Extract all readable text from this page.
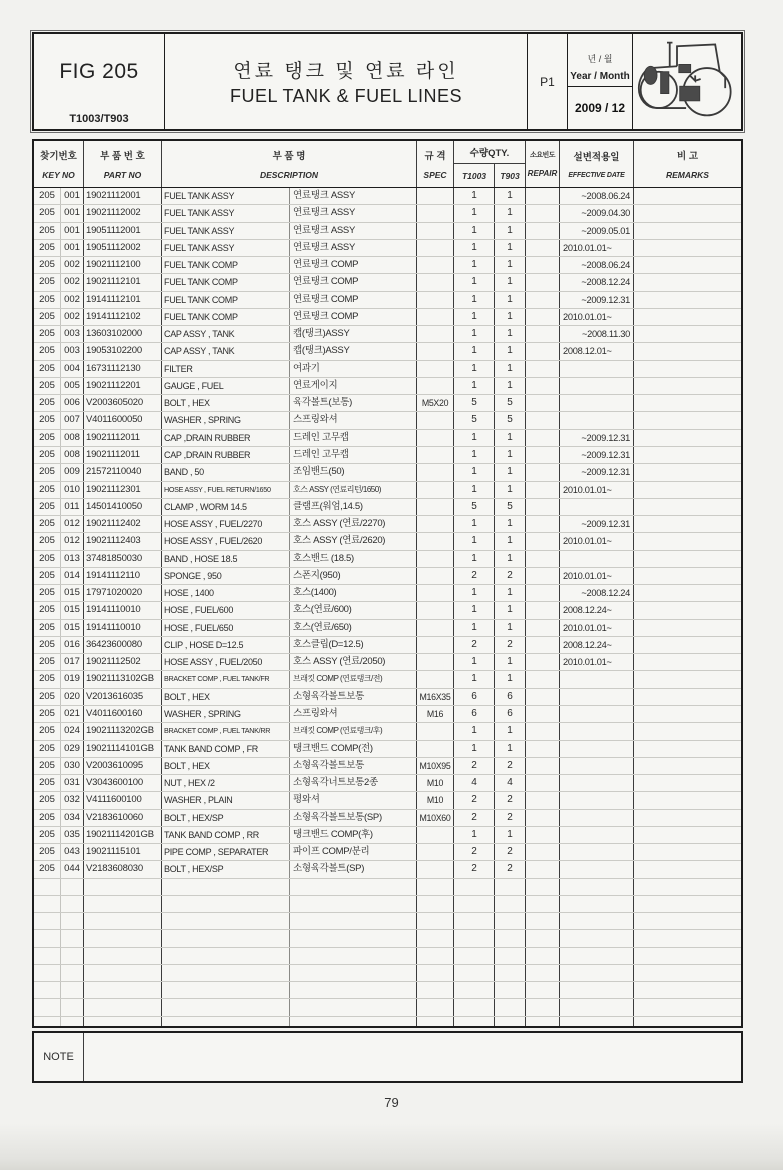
FIG 205
T1003/T903
연료 탱크 및 연료 라인
FUEL TANK & FUEL LINES
P1
년 / 월
Year / Month
2009 / 12
찾기번호
KEY NO
부 품 번 호
PART NO
부 품 명
DESCRIPTION
규 격
SPEC
수량QTY.
T1003	T903
소요빈도
REPAIR
설변적용일
EFFECTIVE DATE
비 고
REMARKS
205 001 19021112001	FUEL TANK ASSY	연료탱크 ASSY	1	1	~2008.06.24
205 001 19021112002	FUEL TANK ASSY	연료탱크 ASSY	1	1	~2009.04.30
205 001 19051112001	FUEL TANK ASSY	연료탱크 ASSY	1	1	~2009.05.01
205 001 19051112002	FUEL TANK ASSY	연료탱크 ASSY	1	1	2010.01.01~
205 002 19021112100	FUEL TANK COMP	연료탱크 COMP	1	1	~2008.06.24
205 002 19021112101	FUEL TANK COMP	연료탱크 COMP	1	1	~2008.12.24
205 002 19141112101	FUEL TANK COMP	연료탱크 COMP	1	1	~2009.12.31
205 002 19141112102	FUEL TANK COMP	연료탱크 COMP	1	1	2010.01.01~
205 003 13603102000	CAP ASSY , TANK	캡(탱크)ASSY	1	1	~2008.11.30
205 003 19053102200	CAP ASSY , TANK	캡(탱크)ASSY	1	1	2008.12.01~
205 004 16731112130	FILTER	여과기	1	1
205 005 19021112201	GAUGE , FUEL	연료게이지	1	1
205 006 V2003605020	BOLT , HEX	육각볼트(보통)	M5X20	5	5
205 007 V4011600050	WASHER , SPRING	스프링와셔	5	5
205 008 19021112011	CAP ,DRAIN RUBBER	드레인 고무캡	1	1	~2009.12.31
205 008 19021112011	CAP ,DRAIN RUBBER	드레인 고무캡	1	1	~2009.12.31
205 009 21572110040	BAND , 50	조임밴드(50)	1	1	~2009.12.31
205 010 19021112301	HOSE ASSY , FUEL RETURN/1650	호스 ASSY (연료리턴/1650)	1	1	2010.01.01~
205	011 14501410050	CLAMP , WORM 14.5	클램프(워엄,14.5)	5	5
205 012 19021112402	HOSE ASSY , FUEL/2270	호스 ASSY (연료/2270)	1	1	~2009.12.31
205 012 19021112403	HOSE ASSY , FUEL/2620	호스 ASSY (연료/2620)	1	1	2010.01.01~
205 013 37481850030	BAND , HOSE 18.5	호스밴드 (18.5)	1	1
205 014 19141112110	SPONGE , 950	스폰지(950)	2	2	2010.01.01~
205 015 17971020020	HOSE , 1400	호스(1400)	1	1	~2008.12.24
205 015 19141110010	HOSE , FUEL/600	호스(연료/600)	1	1	2008.12.24~
205 015 19141110010	HOSE , FUEL/650	호스(연료/650)	1	1	2010.01.01~
205 016 36423600080	CLIP , HOSE D=12.5	호스클립(D=12.5)	2	2	2008.12.24~
205 017 19021112502	HOSE ASSY , FUEL/2050	호스 ASSY (연료/2050)	1	1	2010.01.01~
205 019 19021113102GB	BRACKET COMP , FUEL TANK/FR	브래킷 COMP (연료탱크/전)	1	1
205 020 V2013616035	BOLT , HEX	소형육각볼트보통	M16X35	6	6
205 021 V4011600160	WASHER , SPRING	스프링와셔	M16	6	6
205 024 19021113202GB	BRACKET COMP , FUEL TANK/RR	브래킷 COMP (연료탱크/후)	1	1
205 029 19021114101GB	TANK BAND COMP , FR	탱크밴드 COMP(전)	1	1
205 030 V2003610095	BOLT , HEX	소형육각볼트보통	M10X95	2	2
205 031 V3043600100	NUT , HEX /2	소형육각너트보통2종	M10	4	4
205 032 V4111600100	WASHER , PLAIN	평와셔	M10	2	2
205 034 V2183610060	BOLT , HEX/SP	소형육각볼트보통(SP)	M10X60	2	2
205 035 19021114201GB	TANK BAND COMP , RR	탱크밴드 COMP(후)	1	1
205 043 19021115101	PIPE COMP , SEPARATER	파이프 COMP/분리	2	2
205 044 V2183608030	BOLT , HEX/SP	소형육각볼트(SP)	2	2
NOTE
79
